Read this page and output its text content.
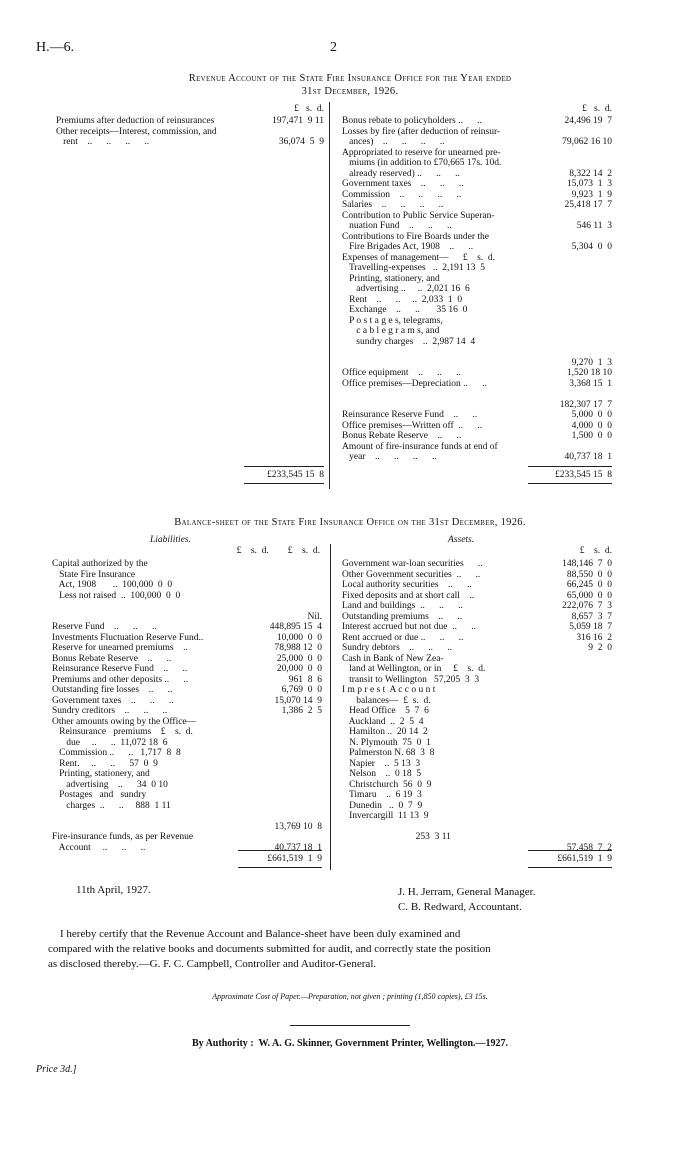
H.—6.	2
Revenue Account of the State Fire Insurance Office for the Year ended
31st December, 1926.
£   s.  d.	£   s.  d.
Premiums after deduction of reinsurances	197,471  9 11
Other receipts—Interest, commission, and
rent    ..      ..      ..      ..	36,074  5  9
Bonus rebate to policyholders ..      ..	24,496 19  7
Losses by fire (after deduction of reinsur-
ances)    ..      ..      ..      ..	79,062 16 10
Appropriated to reserve for unearned pre-
miums (in addition to £70,665 17s. 10d.
already reserved) ..      ..      ..	8,322 14  2
Government taxes    ..      ..      ..	15,073  1  3
Commission    ..      ..      ..      ..	9,923  1  9
Salaries    ..      ..      ..      ..	25,418 17  7
Contribution to Public Service Superan-
nuation Fund    ..      ..      ..	546 11  3
Contributions to Fire Boards under the
Fire Brigades Act, 1908    ..      ..	5,304  0  0
Expenses of management—      £    s.  d.
Travelling-expenses   ..  2,191 13  5
Printing, stationery, and
advertising ..     ..  2,021 16  6
Rent    ..      ..     ..  2,033  1  0
Exchange    ..      ..       35 16  0
P o s t a g e s, telegrams,
c a b l e g r a m s, and
sundry charges    ..  2,987 14  4
9,270  1  3
Office equipment    ..      ..      ..	1,520 18 10
Office premises—Depreciation ..      ..	3,368 15  1
182,307 17  7
Reinsurance Reserve Fund    ..      ..	5,000  0  0
Office premises—Written off  ..      ..	4,000  0  0
Bonus Rebate Reserve    ..      ..	1,500  0  0
Amount of fire-insurance funds at end of
year    ..      ..      ..      ..	40,737 18  1
£233,545 15  8	£233,545 15  8
Balance-sheet of the State Fire Insurance Office on the 31st December, 1926.
Liabilities.	Assets.
£    s.  d.        £    s.  d.	£    s.  d.
Capital authorized by the
State Fire Insurance
Act, 1908       ..  100,000  0  0
Less not raised  ..  100,000  0  0
Nil.
Reserve Fund    ..      ..      ..	448,895 15  4
Investments Fluctuation Reserve Fund..	10,000  0  0
Reserve for unearned premiums    ..	78,988 12  0
Bonus Rebate Reserve    ..      ..	25,000  0  0
Reinsurance Reserve Fund    ..      ..	20,000  0  0
Premiums and other deposits ..      ..	961  8  6
Outstanding fire losses    ..      ..	6,769  0  0
Government taxes    ..      ..      ..	15,070 14  9
Sundry creditors    ..      ..      ..	1,386  2  5
Other amounts owing by the Office—
Reinsurance   premiums    £    s.  d.
due     ..      ..  11,072 18  6
Commission ..      ..   1,717  8  8
Rent.     ..      ..      57  0  9
Printing, stationery, and
advertising    ..      34  0 10
Postages   and   sundry
charges  ..      ..     888  1 11
13,769 10  8
Fire-insurance funds, as per Revenue
Account     ..      ..      ..	40,737 18  1
Government war-loan securities      ..	148,146  7  0
Other Government securities  ..      ..	88,550  0  0
Local authority securities    ..      ..	66,245  0  0
Fixed deposits and at short call    ..	65,000  0  0
Land and buildings  ..      ..      ..	222,076  7  3
Outstanding premiums    ..      ..	8,657  3  7
Interest accrued but not due  ..      ..	5,059 18  7
Rent accrued or due ..      ..      ..	316 16  2
Sundry debtors    ..      ..      ..	9  2  0
Cash in Bank of New Zea-
land at Wellington, or in     £    s.  d.
transit to Wellington   57,205  3  3
I m p r e s t  A c c o u n t
balances—  £  s.  d.
Head Office    5  7  6
Auckland  ..  2  5  4
Hamilton ..  20 14  2
N. Plymouth  75  0  1
Palmerston N. 68  3  8
Napier    ..  5 13  3
Nelson    ..  0 18  5
Christchurch  56  0  9
Timaru    ..  6 19  3
Dunedin   ..  0  7  9
Invercargill  11 13  9
253  3 11
57,458  7  2
£661,519  1  9	£661,519  1  9
11th April, 1927.	J. H. Jerram, General Manager.
C. B. Redward, Accountant.
I hereby certify that the Revenue Account and Balance-sheet have been duly examined and
compared with the relative books and documents submitted for audit, and correctly state the position
as disclosed thereby.—G. F. C. Campbell, Controller and Auditor-General.
Approximate Cost of Paper.—Preparation, not given ; printing (1,850 copies), £3 15s.
By Authority :  W. A. G. Skinner, Government Printer, Wellington.—1927.
Price 3d.]
